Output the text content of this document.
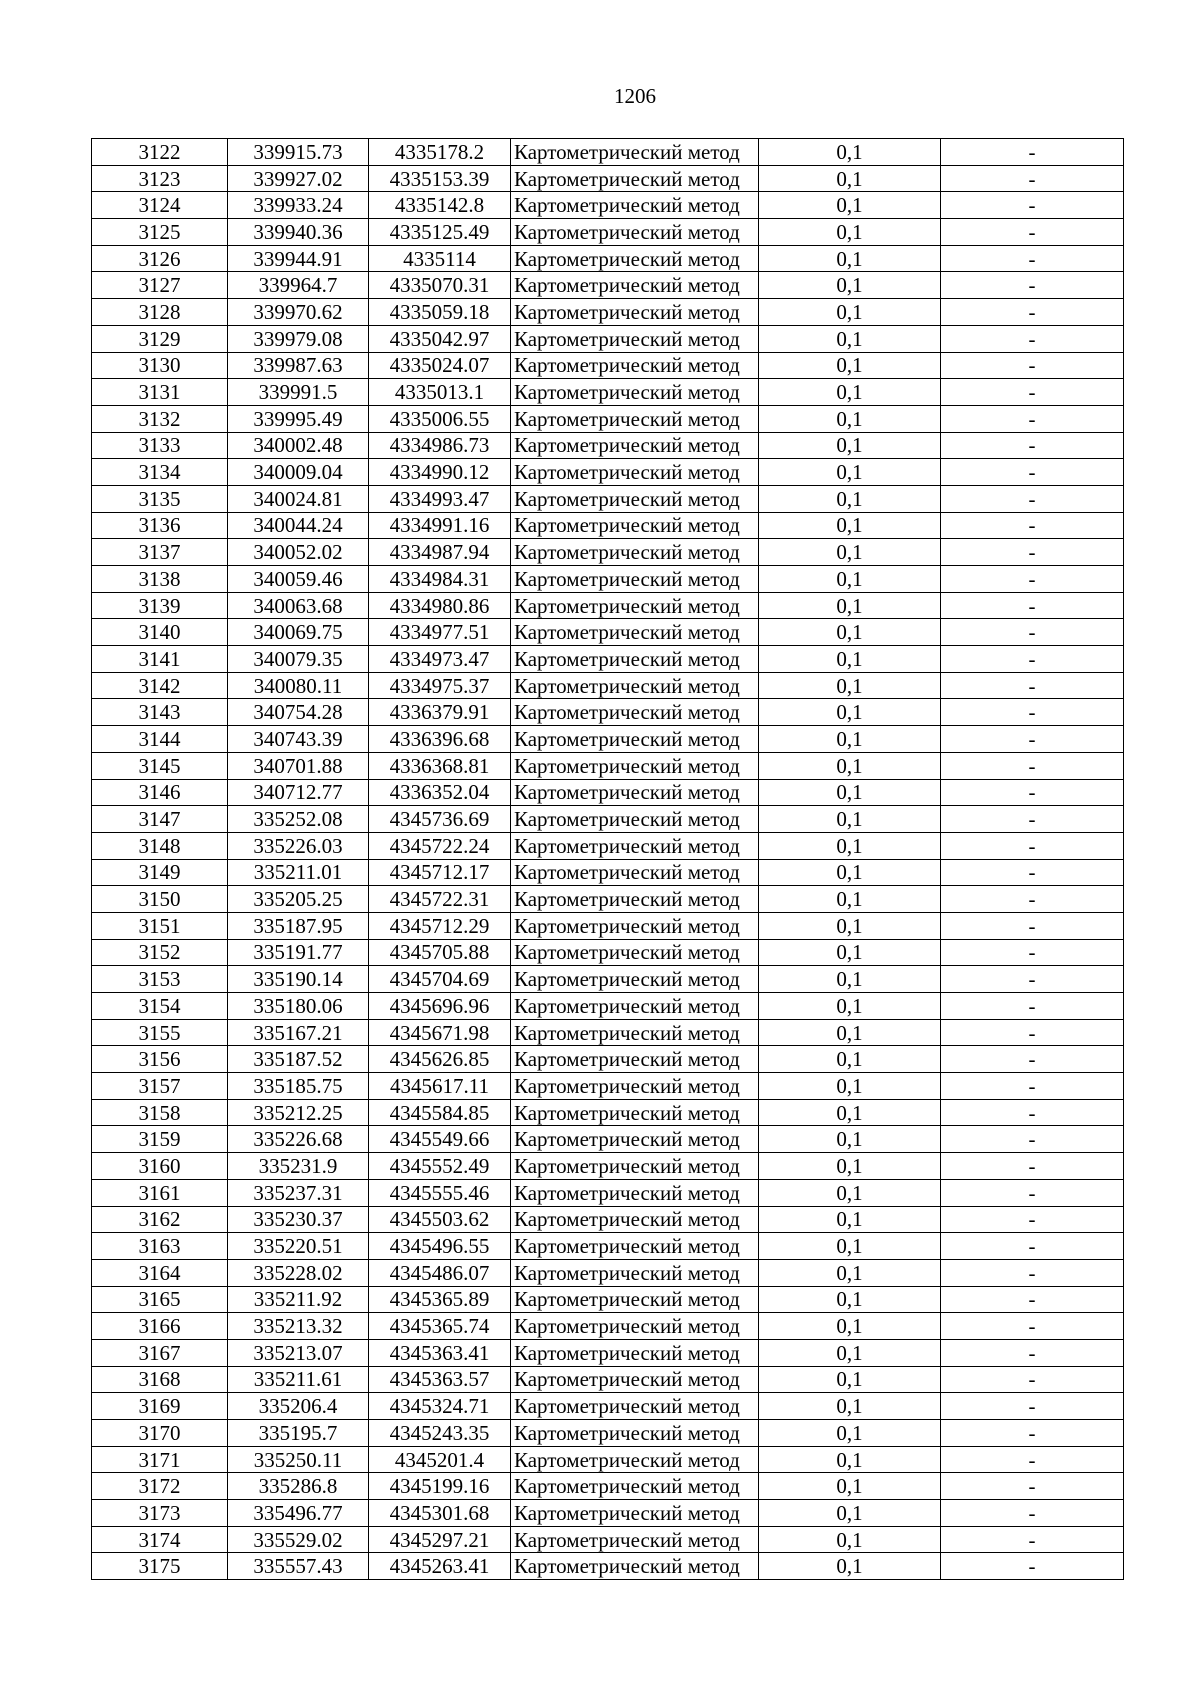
1206
3122	339915.73	4335178.2	Картометрический метод	0,1	-
3123	339927.02	4335153.39	Картометрический метод	0,1	-
3124	339933.24	4335142.8	Картометрический метод	0,1	-
3125	339940.36	4335125.49	Картометрический метод	0,1	-
3126	339944.91	4335114	Картометрический метод	0,1	-
3127	339964.7	4335070.31	Картометрический метод	0,1	-
3128	339970.62	4335059.18	Картометрический метод	0,1	-
3129	339979.08	4335042.97	Картометрический метод	0,1	-
3130	339987.63	4335024.07	Картометрический метод	0,1	-
3131	339991.5	4335013.1	Картометрический метод	0,1	-
3132	339995.49	4335006.55	Картометрический метод	0,1	-
3133	340002.48	4334986.73	Картометрический метод	0,1	-
3134	340009.04	4334990.12	Картометрический метод	0,1	-
3135	340024.81	4334993.47	Картометрический метод	0,1	-
3136	340044.24	4334991.16	Картометрический метод	0,1	-
3137	340052.02	4334987.94	Картометрический метод	0,1	-
3138	340059.46	4334984.31	Картометрический метод	0,1	-
3139	340063.68	4334980.86	Картометрический метод	0,1	-
3140	340069.75	4334977.51	Картометрический метод	0,1	-
3141	340079.35	4334973.47	Картометрический метод	0,1	-
3142	340080.11	4334975.37	Картометрический метод	0,1	-
3143	340754.28	4336379.91	Картометрический метод	0,1	-
3144	340743.39	4336396.68	Картометрический метод	0,1	-
3145	340701.88	4336368.81	Картометрический метод	0,1	-
3146	340712.77	4336352.04	Картометрический метод	0,1	-
3147	335252.08	4345736.69	Картометрический метод	0,1	-
3148	335226.03	4345722.24	Картометрический метод	0,1	-
3149	335211.01	4345712.17	Картометрический метод	0,1	-
3150	335205.25	4345722.31	Картометрический метод	0,1	-
3151	335187.95	4345712.29	Картометрический метод	0,1	-
3152	335191.77	4345705.88	Картометрический метод	0,1	-
3153	335190.14	4345704.69	Картометрический метод	0,1	-
3154	335180.06	4345696.96	Картометрический метод	0,1	-
3155	335167.21	4345671.98	Картометрический метод	0,1	-
3156	335187.52	4345626.85	Картометрический метод	0,1	-
3157	335185.75	4345617.11	Картометрический метод	0,1	-
3158	335212.25	4345584.85	Картометрический метод	0,1	-
3159	335226.68	4345549.66	Картометрический метод	0,1	-
3160	335231.9	4345552.49	Картометрический метод	0,1	-
3161	335237.31	4345555.46	Картометрический метод	0,1	-
3162	335230.37	4345503.62	Картометрический метод	0,1	-
3163	335220.51	4345496.55	Картометрический метод	0,1	-
3164	335228.02	4345486.07	Картометрический метод	0,1	-
3165	335211.92	4345365.89	Картометрический метод	0,1	-
3166	335213.32	4345365.74	Картометрический метод	0,1	-
3167	335213.07	4345363.41	Картометрический метод	0,1	-
3168	335211.61	4345363.57	Картометрический метод	0,1	-
3169	335206.4	4345324.71	Картометрический метод	0,1	-
3170	335195.7	4345243.35	Картометрический метод	0,1	-
3171	335250.11	4345201.4	Картометрический метод	0,1	-
3172	335286.8	4345199.16	Картометрический метод	0,1	-
3173	335496.77	4345301.68	Картометрический метод	0,1	-
3174	335529.02	4345297.21	Картометрический метод	0,1	-
3175	335557.43	4345263.41	Картометрический метод	0,1	-
